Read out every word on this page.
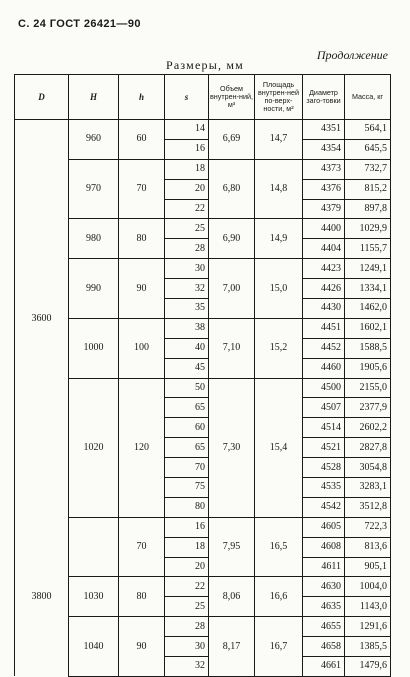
С. 24 ГОСТ 26421—90
Продолжение
Размеры, мм
D	H	h	s	Объем внутрен-ний, м³	Площадь внутрен-ней по-верх-ности, м²	Диаметр заго-товки	Масса, кг
3600	960	60	14	6,69	14,7	4351	564,1
			16			4354	645,5
	970	70	18	6,80	14,8	4373	732,7
			20			4376	815,2
			22			4379	897,8
	980	80	25	6,90	14,9	4400	1029,9
			28			4404	1155,7
	990	90	30	7,00	15,0	4423	1249,1
			32			4426	1334,1
			35			4430	1462,0
	1000	100	38	7,10	15,2	4451	1602,1
			40			4452	1588,5
			45			4460	1905,6
	1020	120	50	7,30	15,4	4500	2155,0
			65			4507	2377,9
			60			4514	2602,2
			65			4521	2827,8
			70			4528	3054,8
			75			4535	3283,1
			80			4542	3512,8
3800		70	16	7,95	16,5	4605	722,3
			18			4608	813,6
			20			4611	905,1
	1030	80	22	8,06	16,6	4630	1004,0
			25			4635	1143,0
	1040	90	28	8,17	16,7	4655	1291,6
			30			4658	1385,5
			32			4661	1479,6
